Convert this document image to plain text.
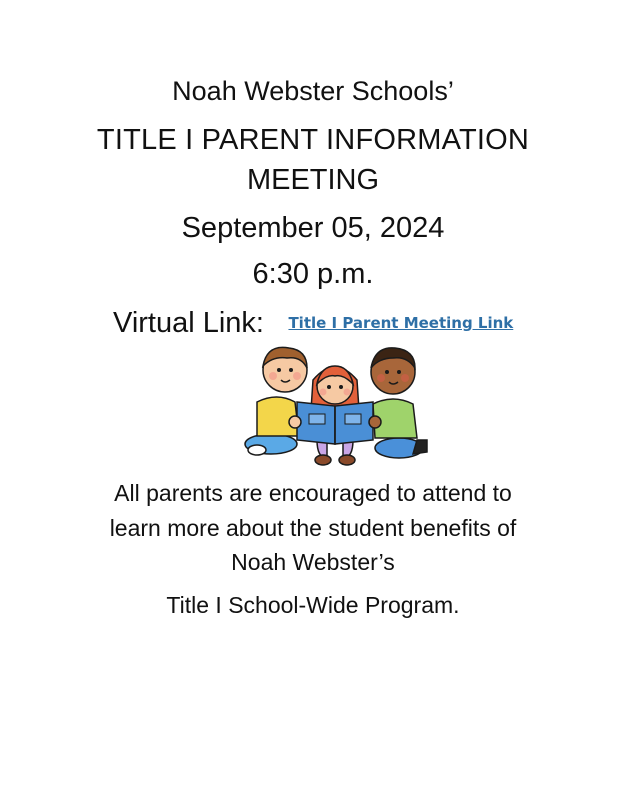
Noah Webster Schools’
TITLE I PARENT INFORMATION
MEETING
September 05, 2024
6:30 p.m.
Virtual Link: Title I Parent Meeting Link
All parents are encouraged to attend to
learn more about the student benefits of
Noah Webster’s
Title I School-Wide Program.
